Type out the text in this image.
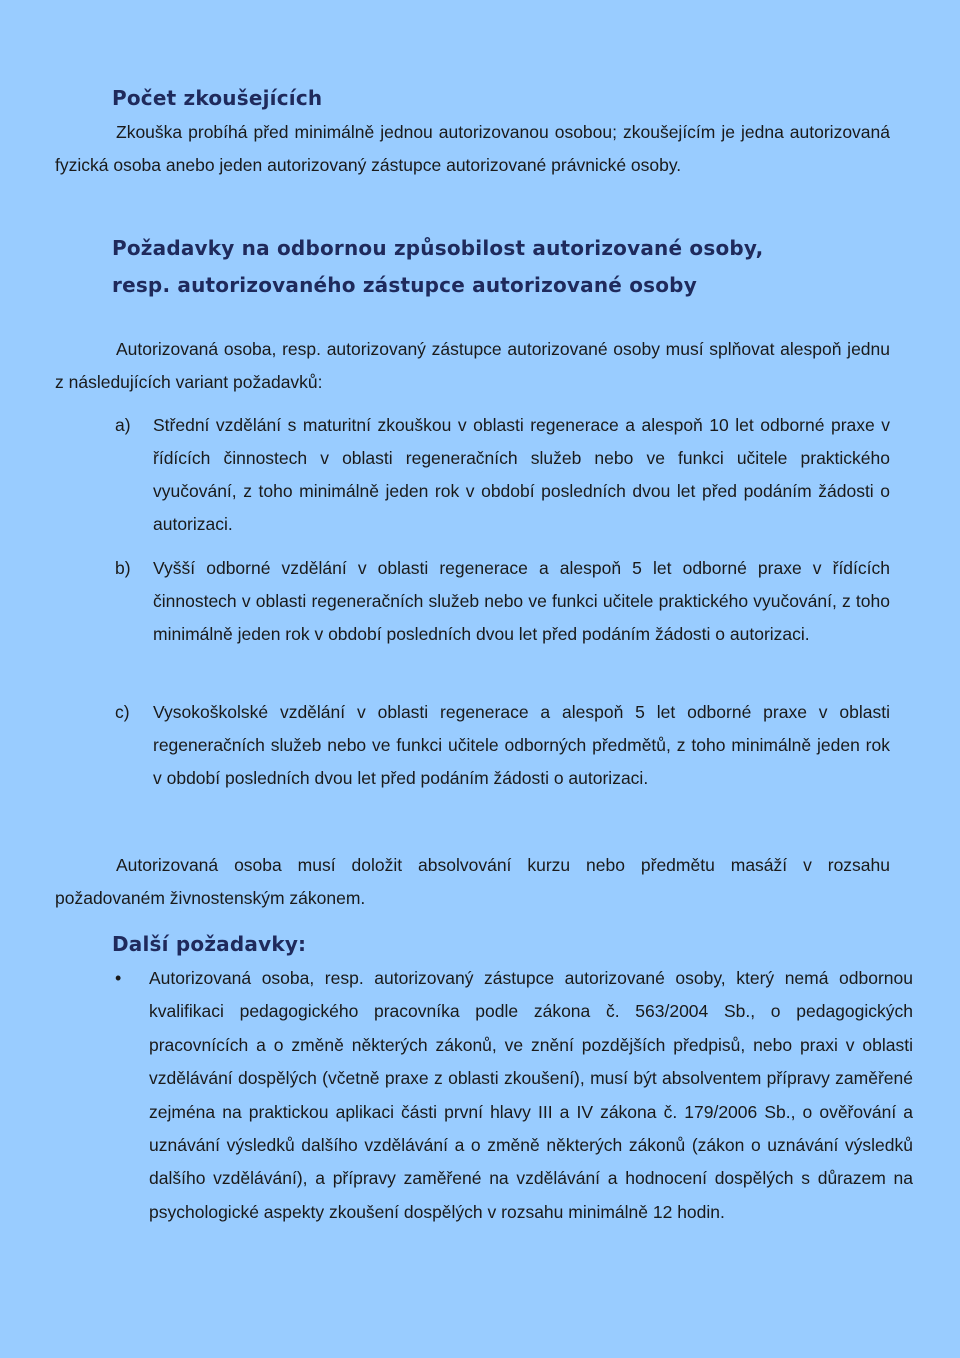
Počet zkoušejících

Zkouška probíhá před minimálně jednou autorizovanou osobou; zkoušejícím je jedna autorizovaná fyzická osoba anebo jeden autorizovaný zástupce autorizované právnické osoby.

Požadavky na odbornou způsobilost autorizované osoby,
resp. autorizovaného zástupce autorizované osoby

Autorizovaná osoba, resp. autorizovaný zástupce autorizované osoby musí splňovat alespoň jednu z následujících variant požadavků:

a)	Střední vzdělání s maturitní zkouškou v oblasti regenerace a alespoň 10 let odborné praxe v řídících činnostech v oblasti regeneračních služeb nebo ve funkci učitele praktického vyučování, z toho minimálně jeden rok v období posledních dvou let před podáním žádosti o autorizaci.
b)	Vyšší odborné vzdělání v oblasti regenerace a alespoň 5 let odborné praxe v řídících činnostech v oblasti regeneračních služeb nebo ve funkci učitele praktického vyučování, z toho minimálně jeden rok v období posledních dvou let před podáním žádosti o autorizaci.
c)	Vysokoškolské vzdělání v oblasti regenerace a alespoň 5 let odborné praxe v oblasti regeneračních služeb nebo ve funkci učitele odborných předmětů, z toho minimálně jeden rok v období posledních dvou let před podáním žádosti o autorizaci.

Autorizovaná osoba musí doložit absolvování kurzu nebo předmětu masáží v rozsahu požadovaném živnostenským zákonem.

Další požadavky:
•	Autorizovaná osoba, resp. autorizovaný zástupce autorizované osoby, který nemá odbornou kvalifikaci pedagogického pracovníka podle zákona č. 563/2004 Sb., o pedagogických pracovnících a o změně některých zákonů, ve znění pozdějších předpisů, nebo praxi v oblasti vzdělávání dospělých (včetně praxe z oblasti zkoušení), musí být absolventem přípravy zaměřené zejména na praktickou aplikaci části první hlavy III a IV zákona č. 179/2006 Sb., o ověřování a uznávání výsledků dalšího vzdělávání a o změně některých zákonů (zákon o uznávání výsledků dalšího vzdělávání), a přípravy zaměřené na vzdělávání a hodnocení dospělých s důrazem na psychologické aspekty zkoušení dospělých v rozsahu minimálně 12 hodin.
